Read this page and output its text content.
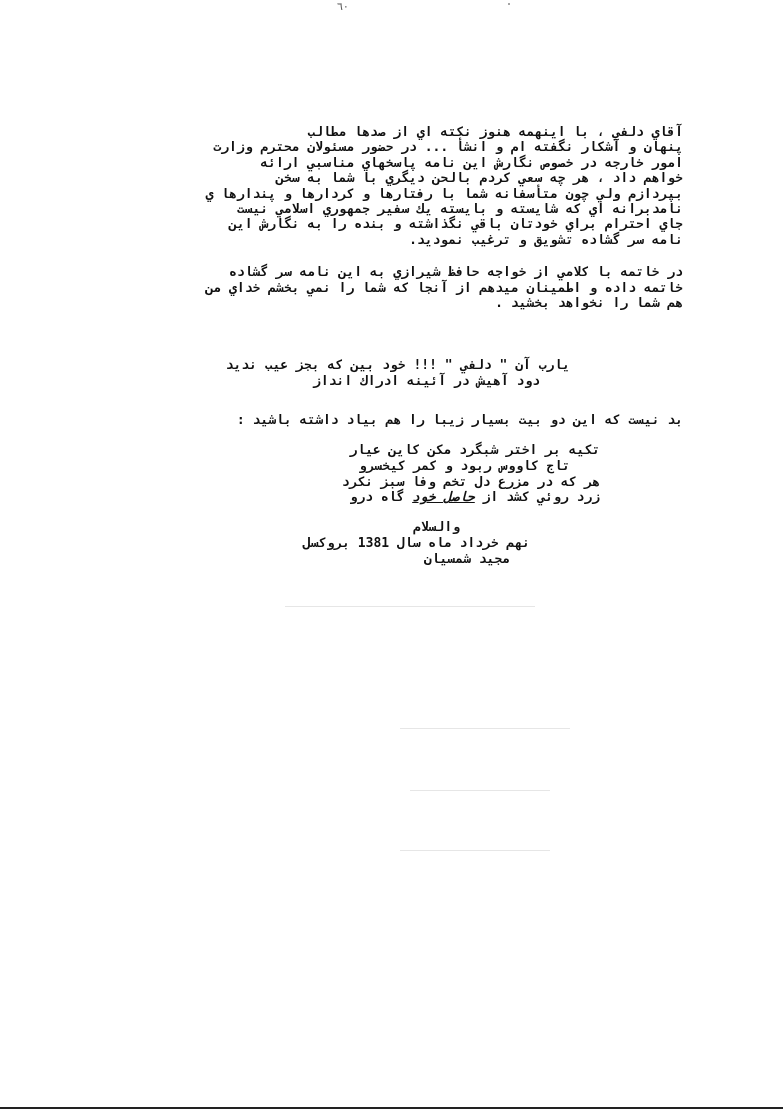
٦٠
آقاي دلفي ، با اينهمه هنوز نكته اي از صدها مطالب
پنهان و آشكار نگفته ام و انشأ ... در حضور مسئولان محترم وزارت
امور خارجه در خصوص نگارش اين نامه پاسخهاي مناسبي ارائه
خواهم داد ، هر چه سعي كردم بالحن ديگري با شما به سخن
بپردازم ولي چون متأسفانه شما با رفتارها و كردارها و پندارها ي
نامدبرانه اي كه شايسته و بايسته يك سفير جمهوري اسلامي نيست
جاي احترام براي خودتان باقي نگذاشته و بنده را به نگارش اين
نامه سر گشاده تشويق و ترغيب نموديد.
در خاتمه با كلامي از خواجه حافظ شيرازي به اين نامه سر گشاده
خاتمه داده و اطمينان ميدهم از آنجا كه شما را نمي بخشم خداي من
هم شما را نخواهد بخشيد .
يارب آن " دلفي " !!! خود بين كه بجز عيب نديد
دود آهيش در آئينه ادراك انداز
بد نيست كه اين دو بيت بسيار زيبا را هم بياد داشته باشيد :
تكيه بر اختر شبگرد مكن كاين عيار
تاج كاووس ربود و كمر كيخسرو
هر كه در مزرع دل تخم وفا سبز نكرد
زرد روئي كشد از حاصل خود گاه درو
والسلام
نهم خرداد ماه سال 1381 بروكسل
مجيد شمسيان
